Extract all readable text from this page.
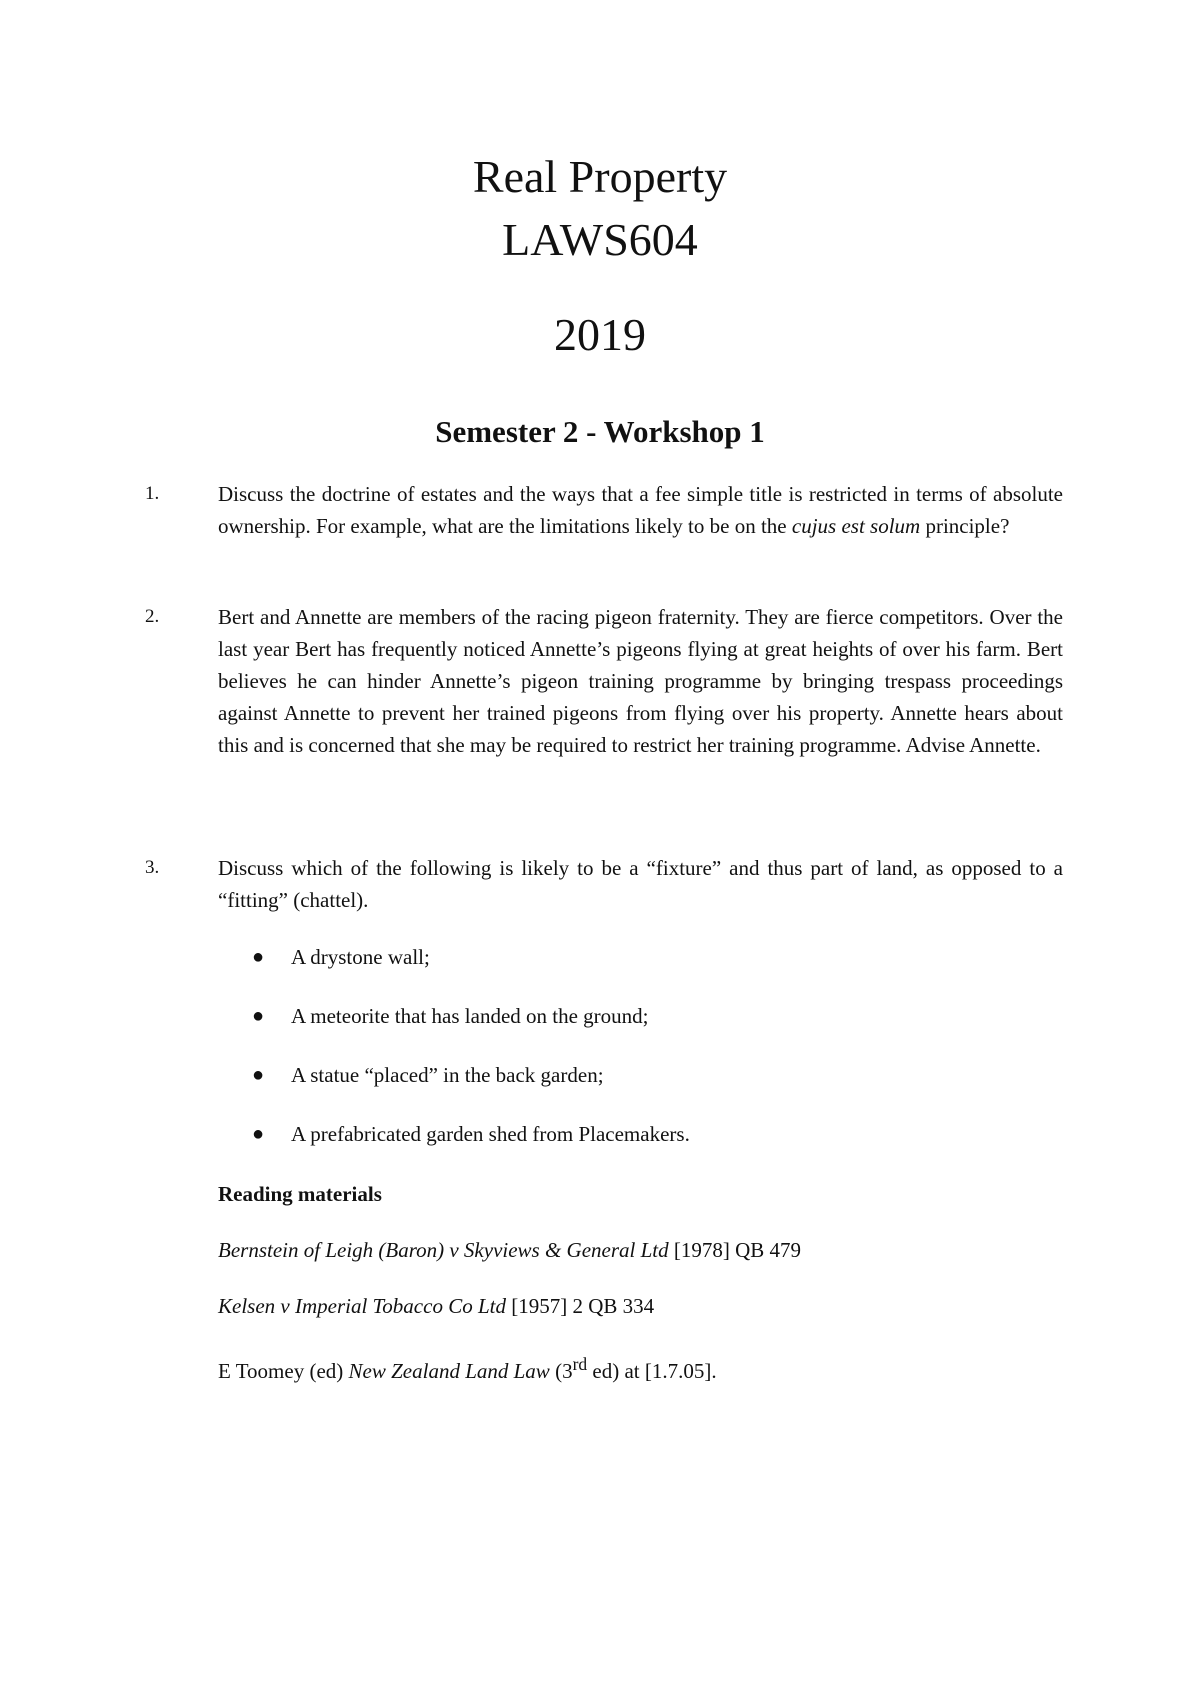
Real Property
LAWS604
2019
Semester 2 - Workshop 1
1.	Discuss the doctrine of estates and the ways that a fee simple title is restricted in terms of absolute ownership. For example, what are the limitations likely to be on the cujus est solum principle?
2.	Bert and Annette are members of the racing pigeon fraternity. They are fierce competitors. Over the last year Bert has frequently noticed Annette’s pigeons flying at great heights of over his farm. Bert believes he can hinder Annette’s pigeon training programme by bringing trespass proceedings against Annette to prevent her trained pigeons from flying over his property. Annette hears about this and is concerned that she may be required to restrict her training programme. Advise Annette.
3.	Discuss which of the following is likely to be a “fixture” and thus part of land, as opposed to a “fitting” (chattel).
● A drystone wall;
● A meteorite that has landed on the ground;
● A statue “placed” in the back garden;
● A prefabricated garden shed from Placemakers.
Reading materials
Bernstein of Leigh (Baron) v Skyviews & General Ltd [1978] QB 479
Kelsen v Imperial Tobacco Co Ltd [1957] 2 QB 334
E Toomey (ed) New Zealand Land Law (3rd ed) at [1.7.05].
